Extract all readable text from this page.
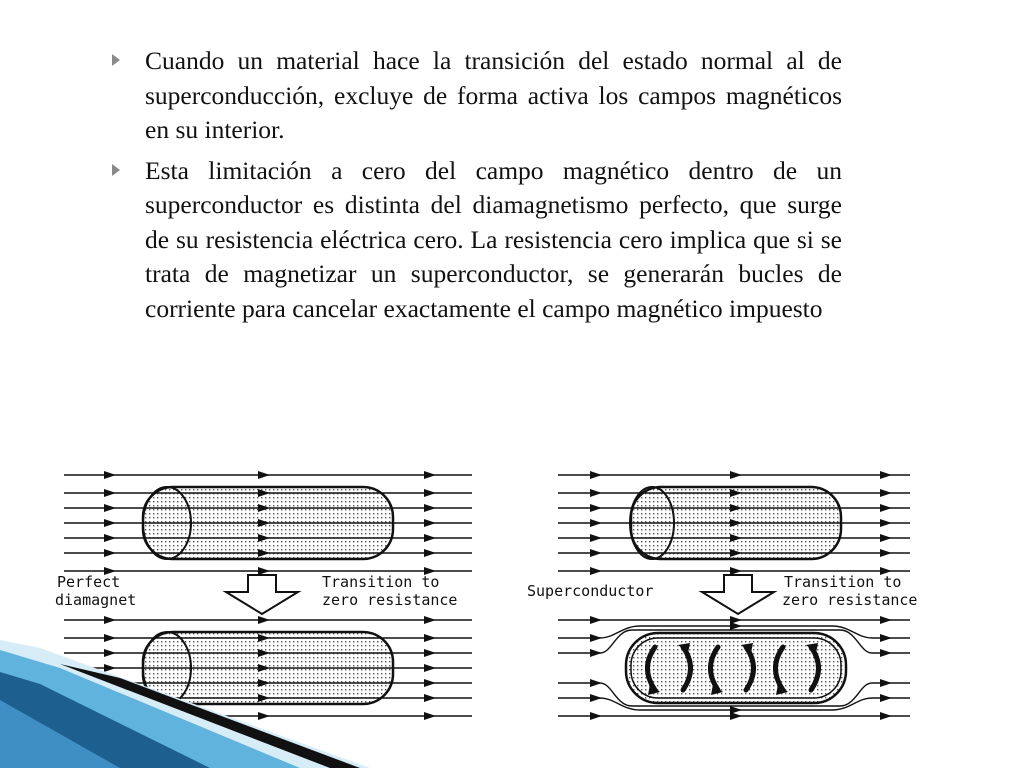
Cuando un material hace la transición del estado normal al de superconducción, excluye de forma activa los campos magnéticos en su interior.
Esta limitación a cero del campo magnético dentro de un superconductor es distinta del diamagnetismo perfecto, que surge de su resistencia eléctrica cero. La resistencia cero implica que si se trata de magnetizar un superconductor, se generarán bucles de corriente para cancelar exactamente el campo magnético impuesto
Perfect
diamagnet
Transition to
zero resistance	Superconductor	Transition to
zero resistance
